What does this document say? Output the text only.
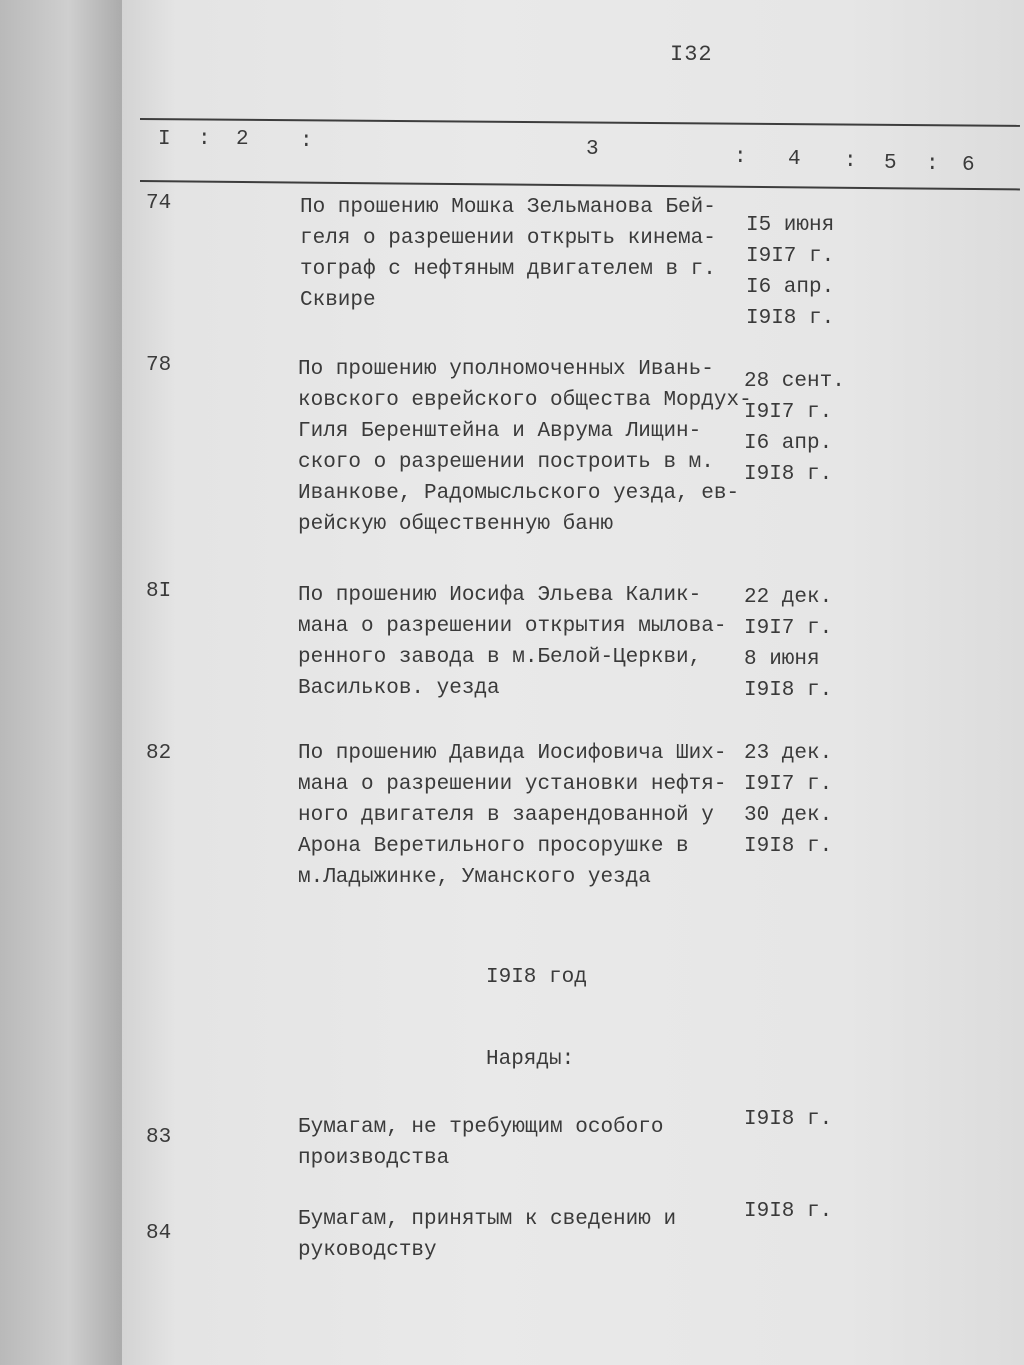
I32
I : 2 :	3	: 4 : 5 : 6
74	По прошению Мошка Зельманова Бей-
геля о разрешении открыть кинема-
тограф с нефтяным двигателем в г.
Сквире
I5 июня
I9I7 г.
I6 апр.
I9I8 г.
78	По прошению уполномоченных Ивань-
ковского еврейского общества Мордух-
Гиля Беренштейна и Аврума Лищин-
ского о разрешении построить в м.
Иванкове, Радомысльского уезда, ев-
рейскую общественную баню
28 сент.
I9I7 г.
I6 апр.
I9I8 г.
8I	По прошению Иосифа Эльева Калик-
мана о разрешении открытия мылова-
ренного завода в м.Белой-Церкви,
Васильков. уезда
22 дек.
I9I7 г.
8 июня
I9I8 г.
82	По прошению Давида Иосифовича Ших-
мана о разрешении установки нефтя-
ного двигателя в заарендованной у
Арона Веретильного просорушке в
м.Ладыжинке, Уманского уезда
23 дек.
I9I7 г.
30 дек.
I9I8 г.
I9I8 год
Наряды:
83	Бумагам, не требующим особого
производства
I9I8 г.
84
Бумагам, принятым к сведению и
руководству
I9I8 г.
